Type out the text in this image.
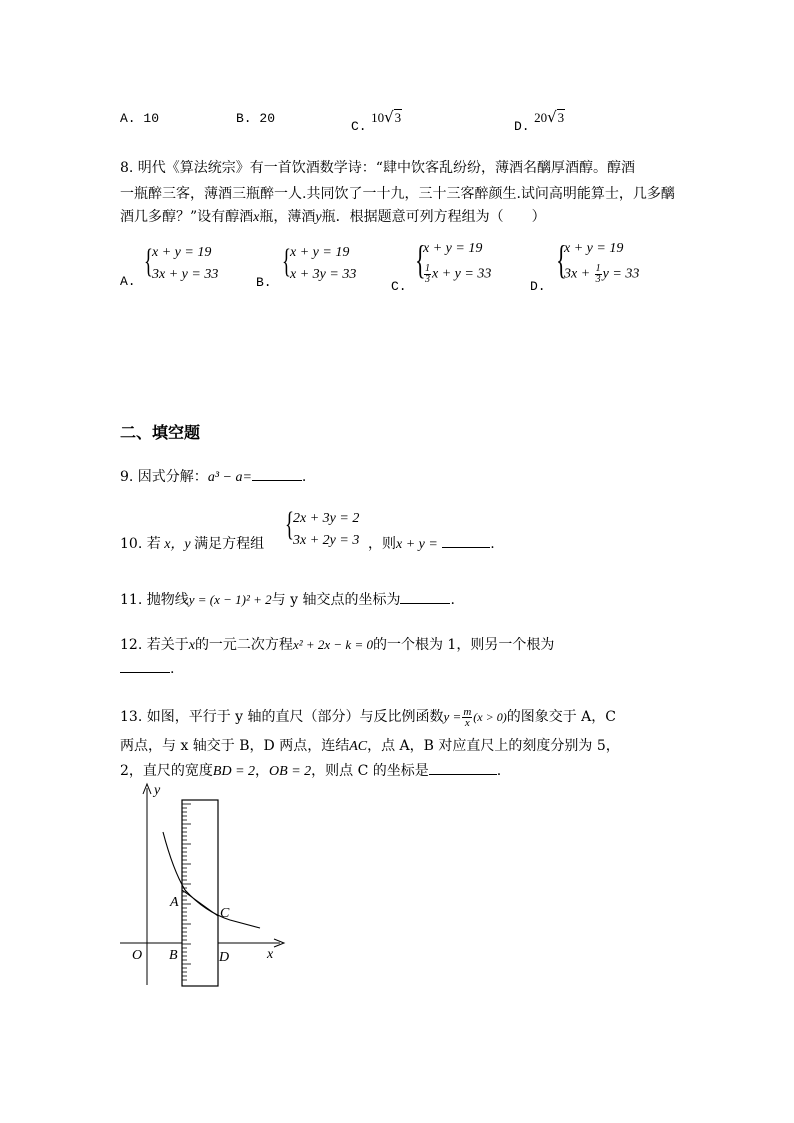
A. 10	B. 20
C. 10√3
D. 20√3
8. 明代《算法统宗》有一首饮酒数学诗：“肆中饮客乱纷纷，薄酒名醨厚酒醇。醇酒
一瓶醉三客，薄酒三瓶醉一人.共同饮了一十九，三十三客醉颜生.试问高明能算士，几多醨
酒几多醇？”设有醇酒x瓶，薄酒y瓶．根据题意可列方程组为（　　）
A.
{ x + y = 19
3x + y = 33
B.
{ x + y = 19
x + 3y = 33
C.
{
x + y = 19
$\frac{1}{3}$ x + y = 33
D.
{
x + y = 19
$3x + \frac{1}{3}$ y = 33
二、填空题
9. 因式分解：a³ − a=	.
10. 若 x，y 满足方程组
{ 2x + 3y = 2
3x + 2y = 3 ，则x + y =	.
11. 抛物线y = (x − 1)² + 2与 y 轴交点的坐标为	.
12. 若关于x的一元二次方程x² + 2x − k = 0的一个根为 1，则另一个根为
.
13. 如图，平行于 y 轴的直尺（部分）与反比例函数$y = \frac{m}{x} (x > 0)$的图象交于 A，C
两点，与 x 轴交于 B，D 两点，连结AC，点 A，B 对应直尺上的刻度分别为 5，
2，直尺的宽度BD = 2，OB = 2，则点 C 的坐标是	.
y
x
O
A
B
C
D
